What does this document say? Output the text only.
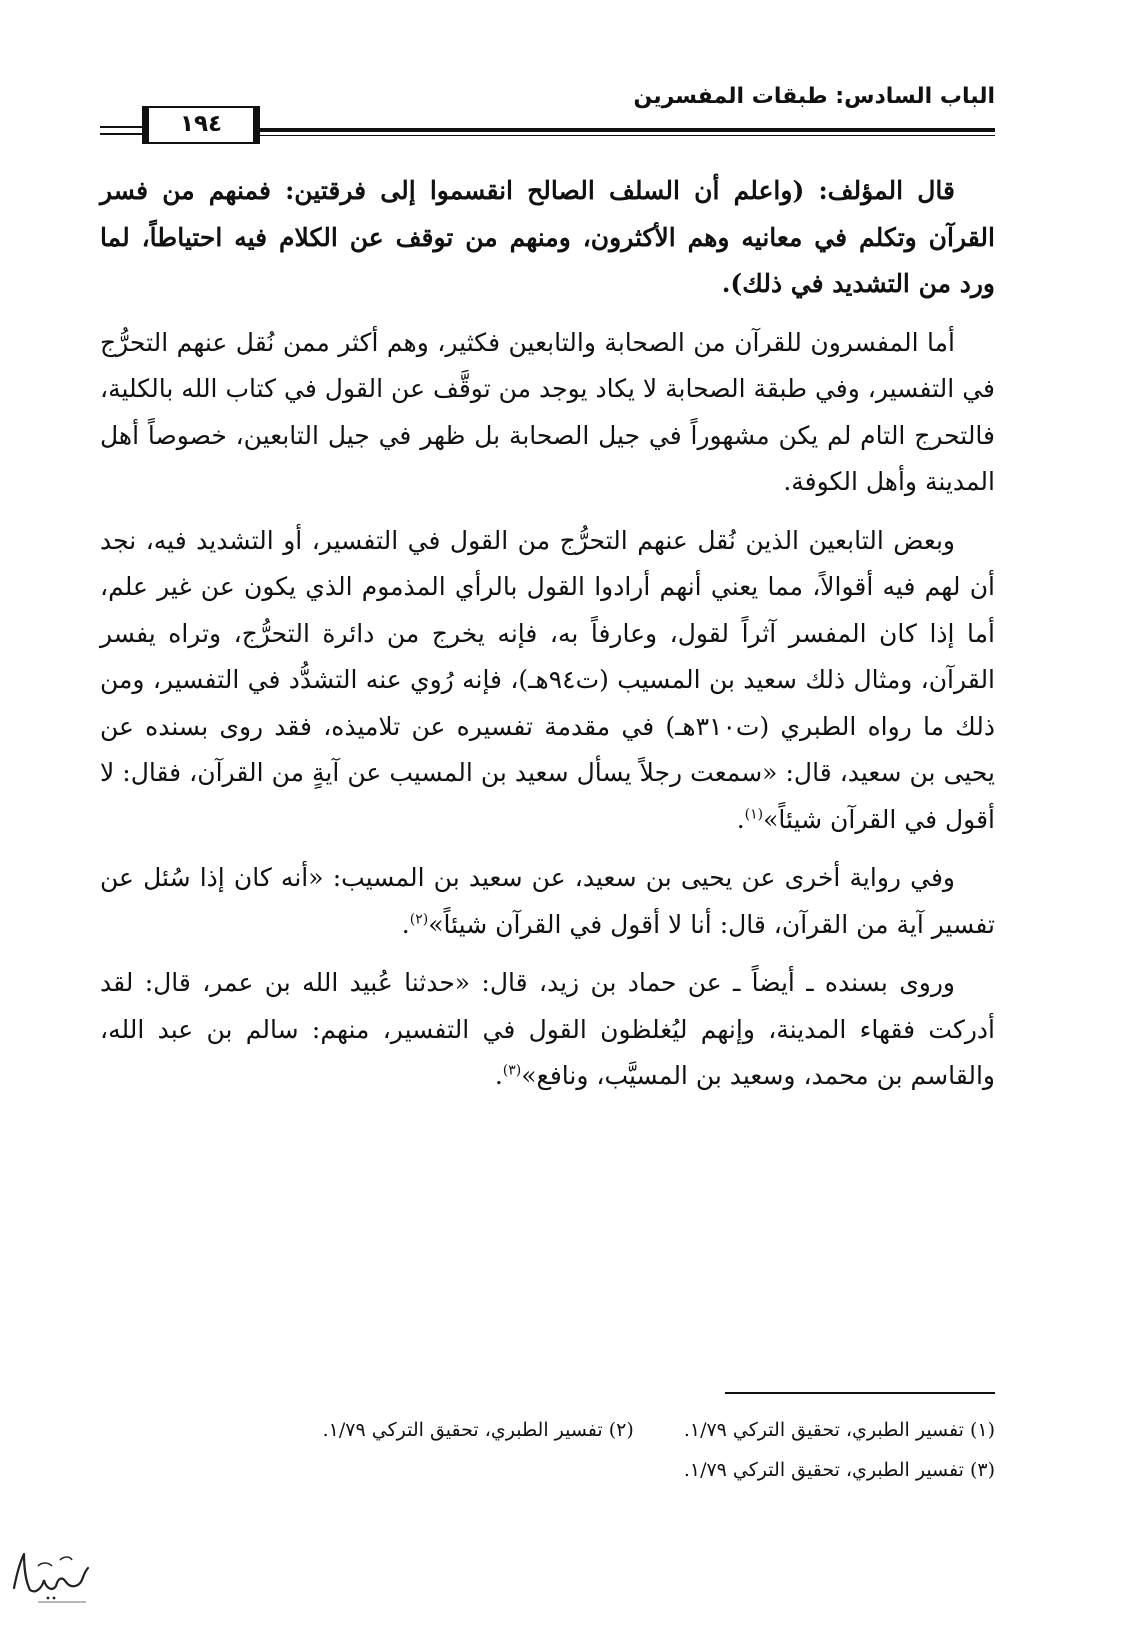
الباب السادس: طبقات المفسرين
١٩٤

قال المؤلف: (واعلم أن السلف الصالح انقسموا إلى فرقتين: فمنهم من فسر القرآن وتكلم في معانيه وهم الأكثرون، ومنهم من توقف عن الكلام فيه احتياطاً، لما ورد من التشديد في ذلك).

أما المفسرون للقرآن من الصحابة والتابعين فكثير، وهم أكثر ممن نُقل عنهم التحرُّج في التفسير، وفي طبقة الصحابة لا يكاد يوجد من توقَّف عن القول في كتاب الله بالكلية، فالتحرج التام لم يكن مشهوراً في جيل الصحابة بل ظهر في جيل التابعين، خصوصاً أهل المدينة وأهل الكوفة.

وبعض التابعين الذين نُقل عنهم التحرُّج من القول في التفسير، أو التشديد فيه، نجد أن لهم فيه أقوالاً، مما يعني أنهم أرادوا القول بالرأي المذموم الذي يكون عن غير علم، أما إذا كان المفسر آثراً لقول، وعارفاً به، فإنه يخرج من دائرة التحرُّج، وتراه يفسر القرآن، ومثال ذلك سعيد بن المسيب (ت٩٤هـ)، فإنه رُوي عنه التشدُّد في التفسير، ومن ذلك ما رواه الطبري (ت٣١٠هـ) في مقدمة تفسيره عن تلاميذه، فقد روى بسنده عن يحيى بن سعيد، قال: «سمعت رجلاً يسأل سعيد بن المسيب عن آيةٍ من القرآن، فقال: لا أقول في القرآن شيئاً»$^{(١)}$.

وفي رواية أخرى عن يحيى بن سعيد، عن سعيد بن المسيب: «أنه كان إذا سُئل عن تفسير آية من القرآن، قال: أنا لا أقول في القرآن شيئاً»$^{(٢)}$.

وروى بسنده ـ أيضاً ـ عن حماد بن زيد، قال: «حدثنا عُبيد الله بن عمر، قال: لقد أدركت فقهاء المدينة، وإنهم ليُغلظون القول في التفسير، منهم: سالم بن عبد الله، والقاسم بن محمد، وسعيد بن المسيَّب، ونافع»$^{(٣)}$.

(١) تفسير الطبري، تحقيق التركي ١/٧٩.
(٢) تفسير الطبري، تحقيق التركي ١/٧٩.
(٣) تفسير الطبري، تحقيق التركي ١/٧٩.
